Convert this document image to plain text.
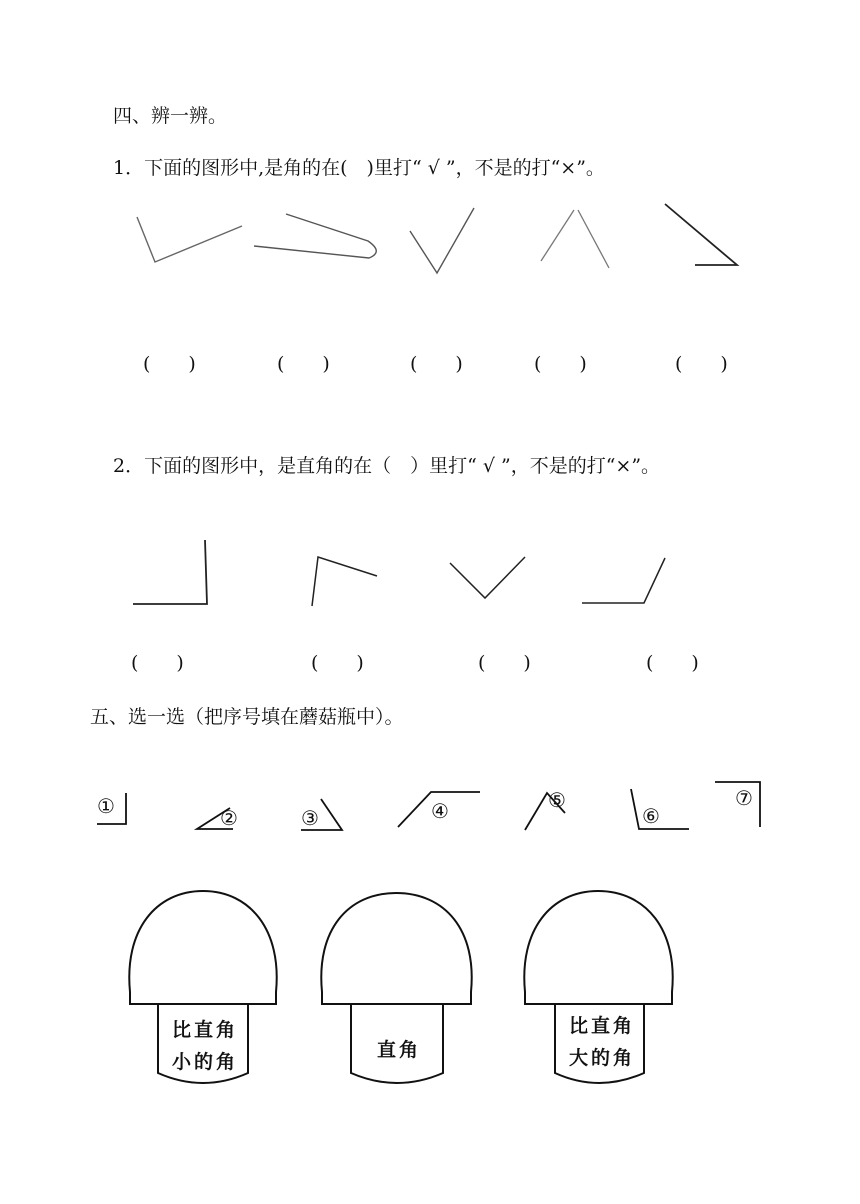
四、辨一辨。
1．下面的图形中,是角的在(　)里打“ √ ”，不是的打“×”。
(　　)	(　　)	(　　)	(　　)	(　　)
2．下面的图形中，是直角的在（　）里打“ √ ”，不是的打“×”。
(　　)	(　　)	(　　)	(　　)
五、选一选（把序号填在蘑菇瓶中）。
①	②	③	④	⑤
⑥
⑦
比直角
小的角
直角
比直角
大的角
